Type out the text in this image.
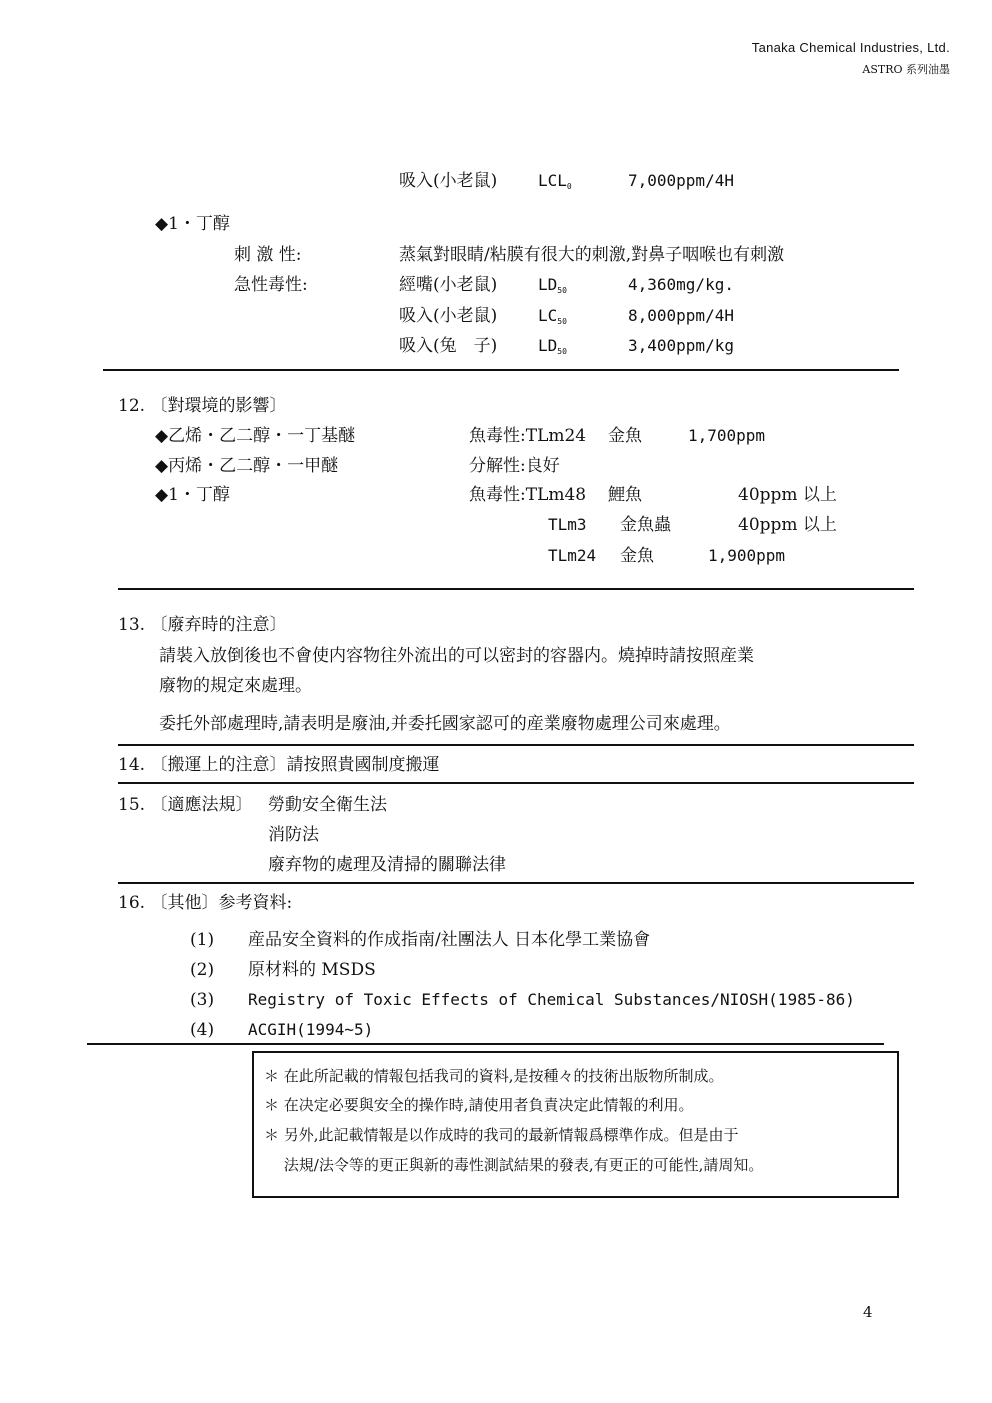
Tanaka Chemical Industries, Ltd.
ASTRO 系列油墨
吸入(小老鼠)	$LCL_0$	7,000ppm/4H
◆1・丁醇
刺 激 性:	蒸氣對眼睛/粘膜有很大的刺激,對鼻子咽喉也有刺激
急性毒性:	經嘴(小老鼠)	$LD_{50}$	4,360mg/kg.
吸入(小老鼠)	$LC_{50}$	8,000ppm/4H
吸入(兔　子)	$LD_{50}$	3,400ppm/kg
12. 〔對環境的影響〕
◆乙烯・乙二醇・一丁基醚	魚毒性:TLm24 金魚	1,700ppm
◆丙烯・乙二醇・一甲醚	分解性:良好
◆1・丁醇	魚毒性:TLm48 鯉魚	40ppm 以上
TLm3 金魚蟲	40ppm 以上
TLm24 金魚	1,900ppm
13. 〔廢弃時的注意〕
請裝入放倒後也不會使内容物往外流出的可以密封的容器内。燒掉時請按照産業
廢物的規定來處理。
委托外部處理時,請表明是廢油,并委托國家認可的産業廢物處理公司來處理。
14. 〔搬運上的注意〕請按照貴國制度搬運
15. 〔適應法規〕 勞動安全衛生法
消防法
廢弃物的處理及清掃的關聯法律
16. 〔其他〕参考資料:
(1) 産品安全資料的作成指南/社團法人 日本化學工業協會
(2) 原材料的 MSDS
(3) Registry of Toxic Effects of Chemical Substances/NIOSH(1985-86)
(4) ACGIH(1994~5)
＊ 在此所記載的情報包括我司的資料,是按種々的技術出版物所制成。
＊ 在决定必要與安全的操作時,請使用者負責决定此情報的利用。
＊ 另外,此記載情報是以作成時的我司的最新情報爲標準作成。但是由于
　 法規/法令等的更正與新的毒性測試結果的發表,有更正的可能性,請周知。
4
